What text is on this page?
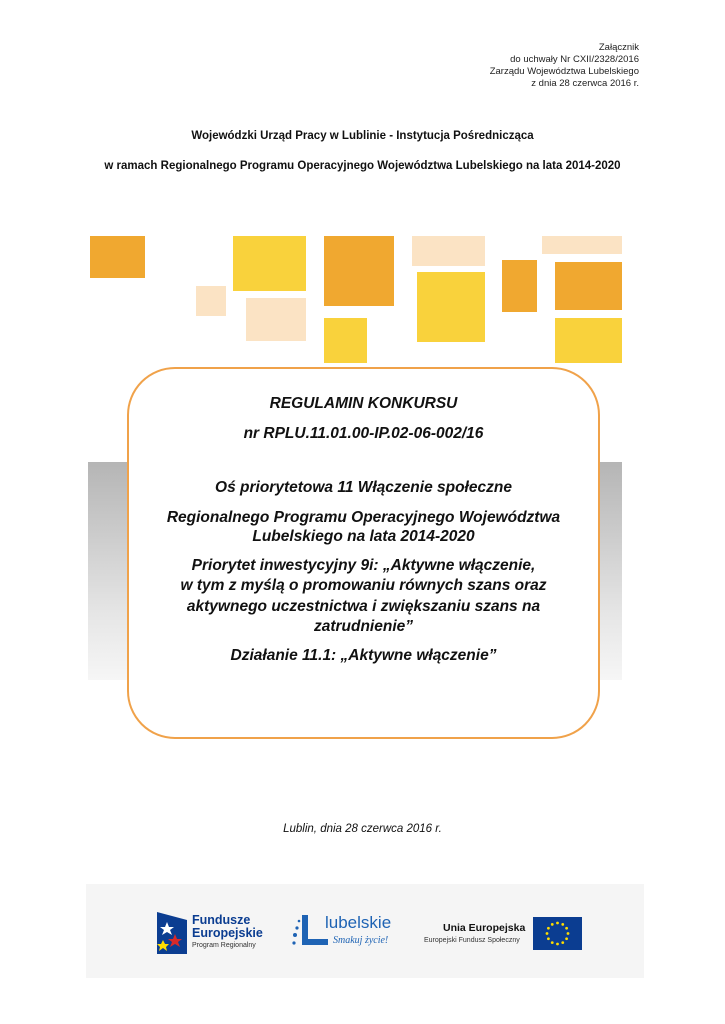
Załącznik
do uchwały Nr CXII/2328/2016
Zarządu Województwa Lubelskiego
z dnia 28 czerwca 2016 r.
Wojewódzki Urząd Pracy w Lublinie - Instytucja Pośrednicząca
w ramach Regionalnego Programu Operacyjnego Województwa Lubelskiego na lata 2014-2020
REGULAMIN KONKURSU
nr RPLU.11.01.00-IP.02-06-002/16
Oś priorytetowa 11 Włączenie społeczne
Regionalnego Programu Operacyjnego Województwa
Lubelskiego na lata 2014-2020
Priorytet inwestycyjny 9i: „Aktywne włączenie,
w tym z myślą o promowaniu równych szans oraz
aktywnego uczestnictwa i zwiększaniu szans na
zatrudnienie”
Działanie 11.1: „Aktywne włączenie”
Lublin, dnia 28 czerwca 2016 r.
Fundusze
Europejskie
Program Regionalny
lubelskie
Smakuj życie!
Unia Europejska
Europejski Fundusz Społeczny
